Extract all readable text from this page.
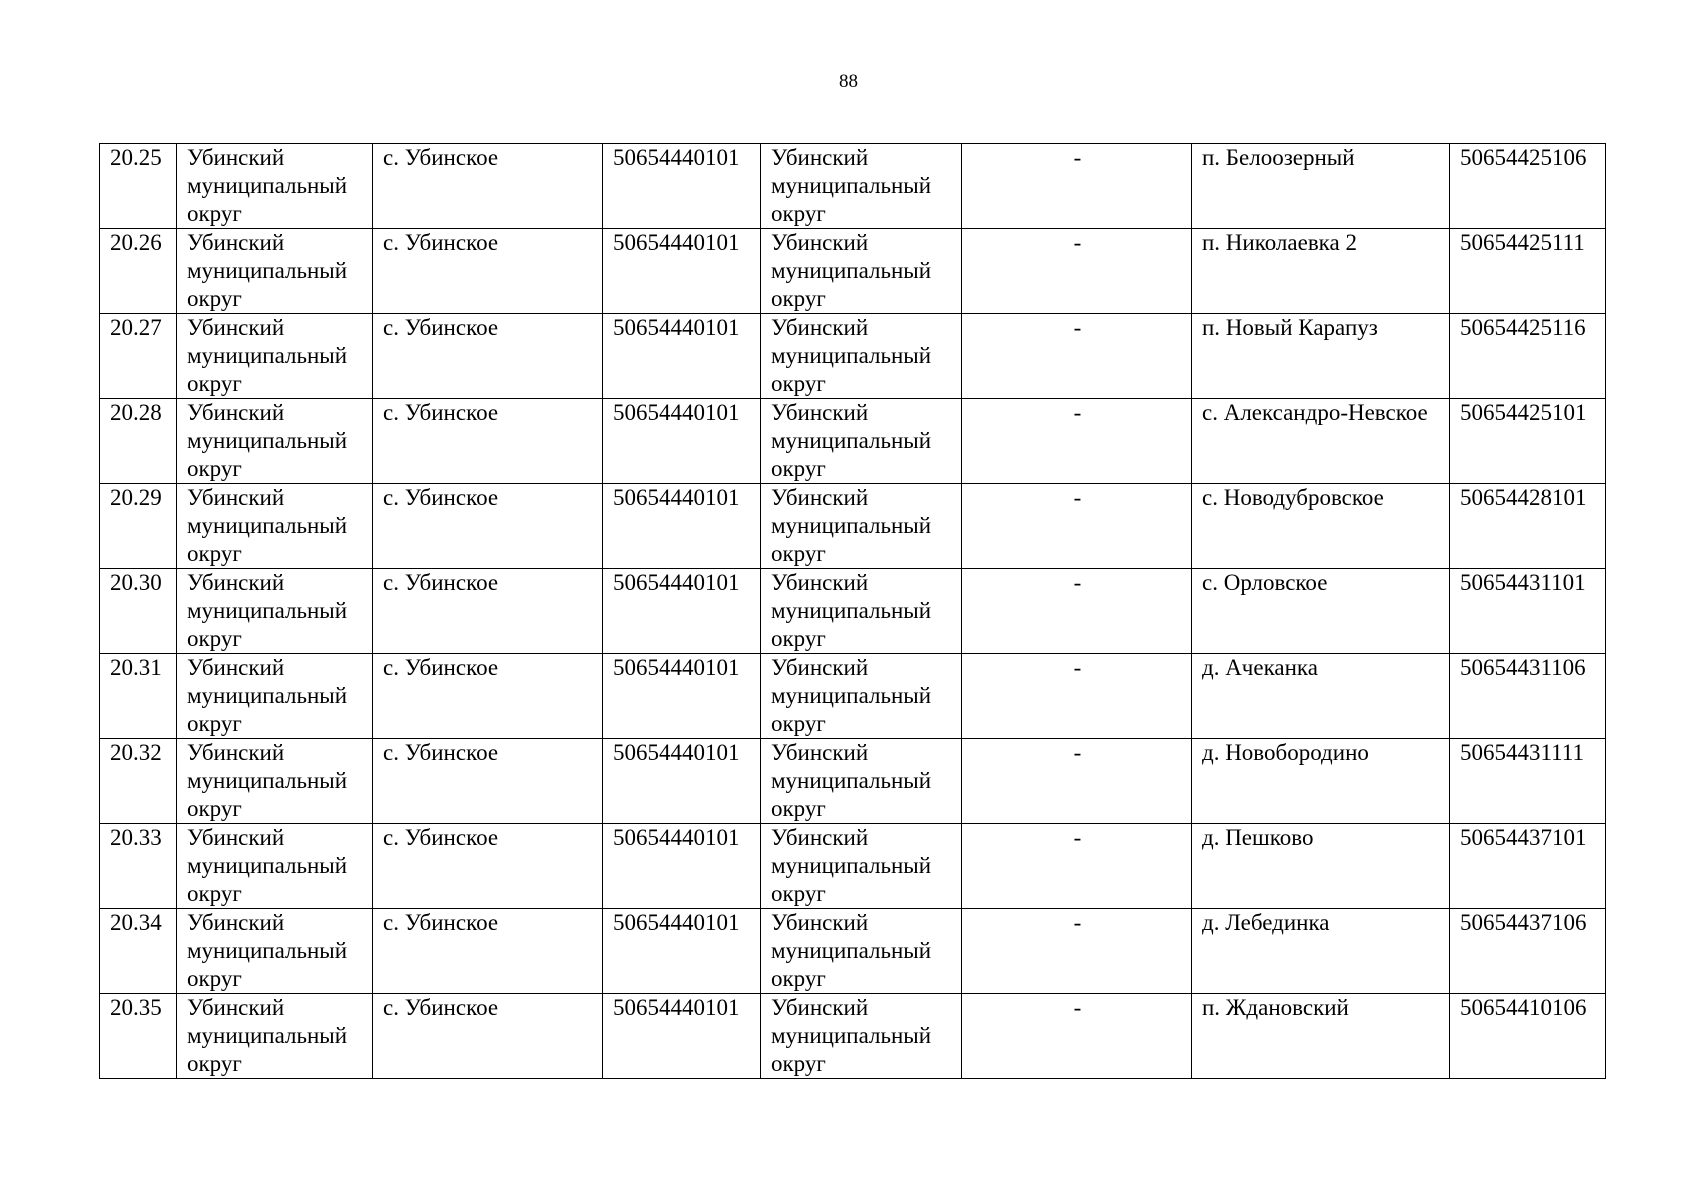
88
20.25	Убинский муниципальный округ	с. Убинское	50654440101	Убинский муниципальный округ	-	п. Белоозерный	50654425106
20.26	Убинский муниципальный округ	с. Убинское	50654440101	Убинский муниципальный округ	-	п. Николаевка 2	50654425111
20.27	Убинский муниципальный округ	с. Убинское	50654440101	Убинский муниципальный округ	-	п. Новый Карапуз	50654425116
20.28	Убинский муниципальный округ	с. Убинское	50654440101	Убинский муниципальный округ	-	с. Александро-Невское	50654425101
20.29	Убинский муниципальный округ	с. Убинское	50654440101	Убинский муниципальный округ	-	с. Новодубровское	50654428101
20.30	Убинский муниципальный округ	с. Убинское	50654440101	Убинский муниципальный округ	-	с. Орловское	50654431101
20.31	Убинский муниципальный округ	с. Убинское	50654440101	Убинский муниципальный округ	-	д. Ачеканка	50654431106
20.32	Убинский муниципальный округ	с. Убинское	50654440101	Убинский муниципальный округ	-	д. Новобородино	50654431111
20.33	Убинский муниципальный округ	с. Убинское	50654440101	Убинский муниципальный округ	-	д. Пешково	50654437101
20.34	Убинский муниципальный округ	с. Убинское	50654440101	Убинский муниципальный округ	-	д. Лебединка	50654437106
20.35	Убинский муниципальный округ	с. Убинское	50654440101	Убинский муниципальный округ	-	п. Ждановский	50654410106
